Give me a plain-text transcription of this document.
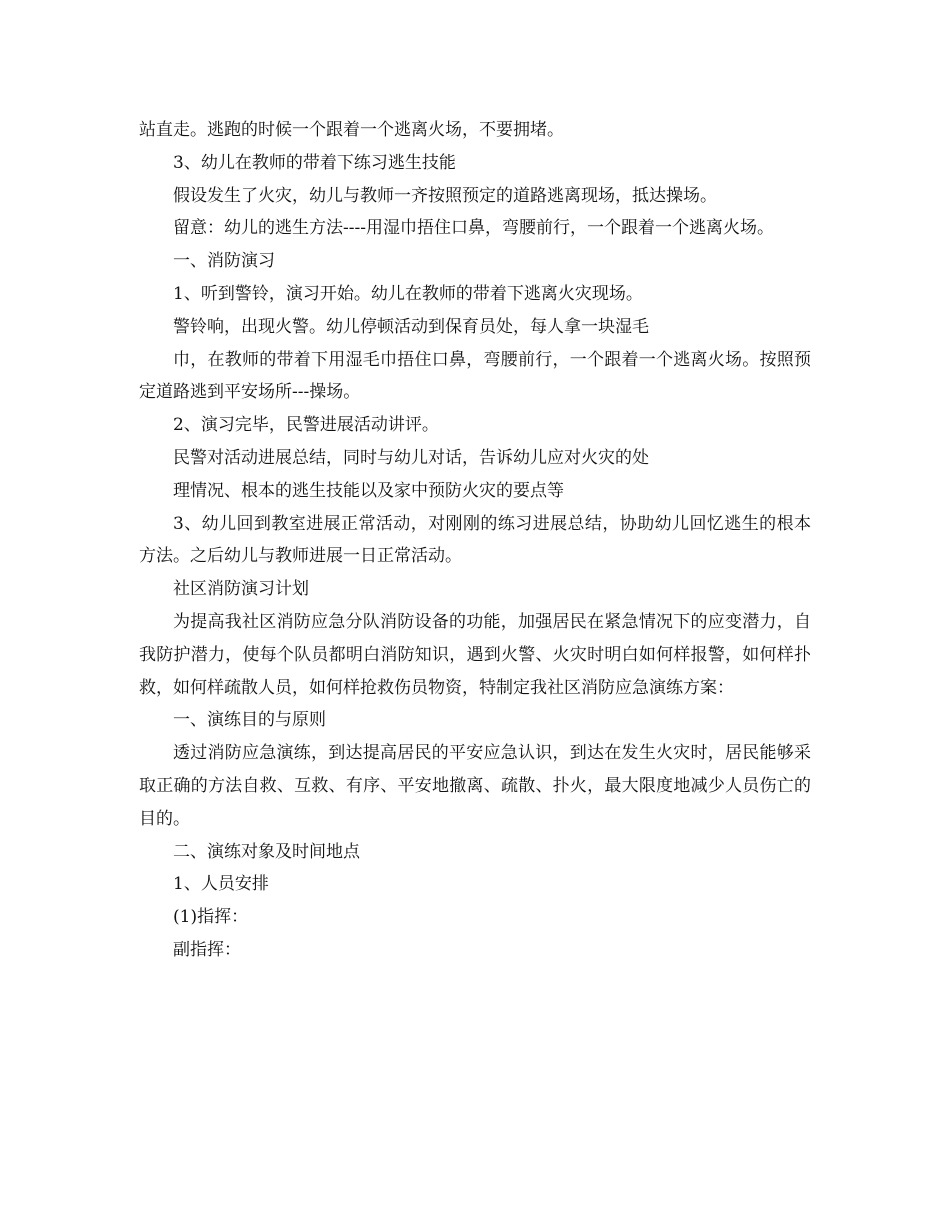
站直走。逃跑的时候一个跟着一个逃离火场，不要拥堵。

3、幼儿在教师的带着下练习逃生技能

假设发生了火灾，幼儿与教师一齐按照预定的道路逃离现场，抵达操场。

留意：幼儿的逃生方法----用湿巾捂住口鼻，弯腰前行，一个跟着一个逃离火场。

一、消防演习

1、听到警铃，演习开始。幼儿在教师的带着下逃离火灾现场。

警铃响，出现火警。幼儿停顿活动到保育员处，每人拿一块湿毛

巾，在教师的带着下用湿毛巾捂住口鼻，弯腰前行，一个跟着一个逃离火场。按照预定道路逃到平安场所---操场。

2、演习完毕，民警进展活动讲评。

民警对活动进展总结，同时与幼儿对话，告诉幼儿应对火灾的处

理情况、根本的逃生技能以及家中预防火灾的要点等

3、幼儿回到教室进展正常活动，对刚刚的练习进展总结，协助幼儿回忆逃生的根本方法。之后幼儿与教师进展一日正常活动。

社区消防演习计划

为提高我社区消防应急分队消防设备的功能，加强居民在紧急情况下的应变潜力，自我防护潜力，使每个队员都明白消防知识，遇到火警、火灾时明白如何样报警，如何样扑救，如何样疏散人员，如何样抢救伤员物资，特制定我社区消防应急演练方案：

一、演练目的与原则

透过消防应急演练，到达提高居民的平安应急认识，到达在发生火灾时，居民能够采取正确的方法自救、互救、有序、平安地撤离、疏散、扑火，最大限度地减少人员伤亡的目的。

二、演练对象及时间地点

1、人员安排

(1)指挥：

副指挥：
